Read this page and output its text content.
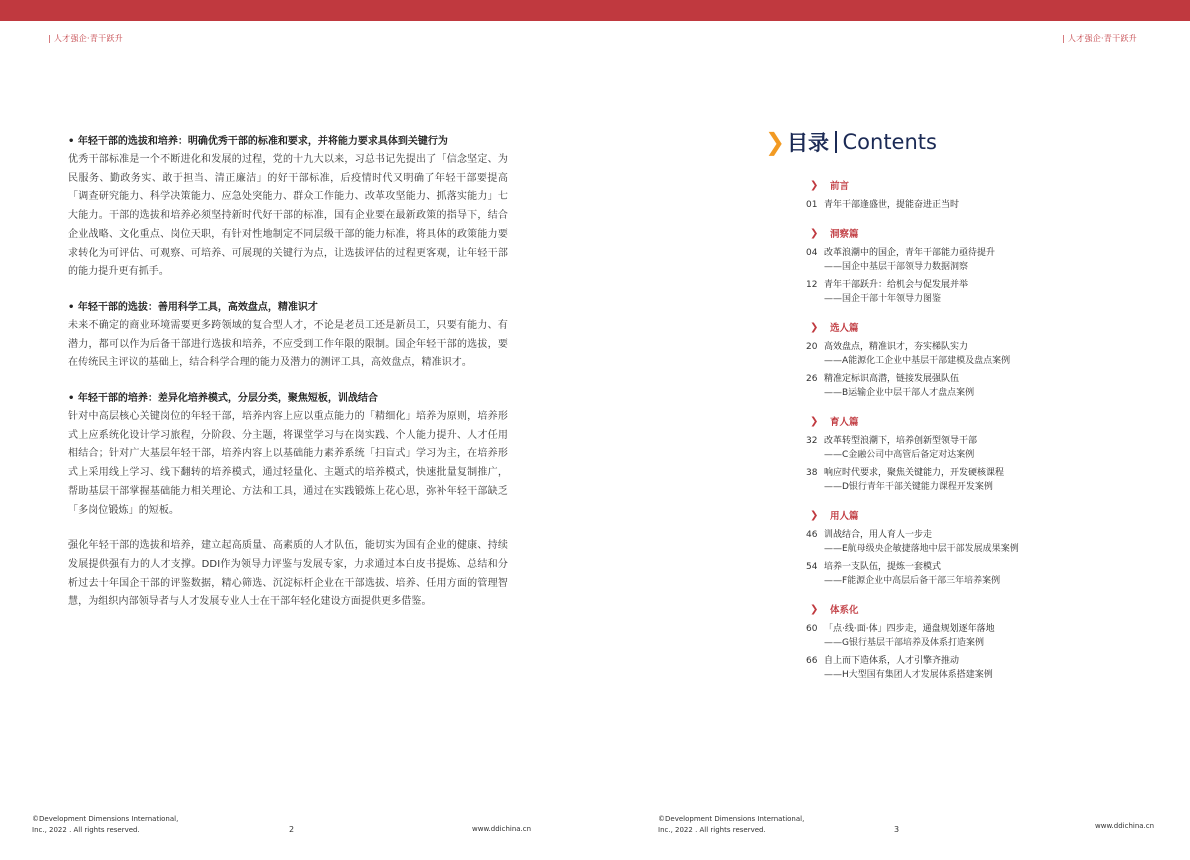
| 人才强企·青干跃升	| 人才强企·青干跃升
• 年轻干部的选拔和培养：明确优秀干部的标准和要求，并将能力要求具体到关键行为
优秀干部标准是一个不断进化和发展的过程，党的十九大以来，习总书记先提出了「信念坚定、为民服务、勤政务实、敢于担当、清正廉洁」的好干部标准，后疫情时代又明确了年轻干部要提高「调查研究能力、科学决策能力、应急处突能力、群众工作能力、改革攻坚能力、抓落实能力」七大能力。干部的选拔和培养必须坚持新时代好干部的标准，国有企业要在最新政策的指导下，结合企业战略、文化重点、岗位天职，有针对性地制定不同层级干部的能力标准，将具体的政策能力要求转化为可评估、可观察、可培养、可展现的关键行为点，让选拔评估的过程更客观，让年轻干部的能力提升更有抓手。
• 年轻干部的选拔：善用科学工具，高效盘点，精准识才
未来不确定的商业环境需要更多跨领域的复合型人才，不论是老员工还是新员工，只要有能力、有潜力，都可以作为后备干部进行选拔和培养，不应受到工作年限的限制。国企年轻干部的选拔，要在传统民主评议的基础上，结合科学合理的能力及潜力的测评工具，高效盘点，精准识才。
• 年轻干部的培养：差异化培养模式，分层分类，聚焦短板，训战结合
针对中高层核心关键岗位的年轻干部，培养内容上应以重点能力的「精细化」培养为原则，培养形式上应系统化设计学习旅程，分阶段、分主题，将课堂学习与在岗实践、个人能力提升、人才任用相结合；针对广大基层年轻干部，培养内容上以基础能力素养系统「扫盲式」学习为主，在培养形式上采用线上学习、线下翻转的培养模式，通过轻量化、主题式的培养模式，快速批量复制推广，帮助基层干部掌握基础能力相关理论、方法和工具，通过在实践锻炼上花心思，弥补年轻干部缺乏「多岗位锻炼」的短板。
强化年轻干部的选拔和培养，建立起高质量、高素质的人才队伍，能切实为国有企业的健康、持续发展提供强有力的人才支撑。DDI作为领导力评鉴与发展专家，力求通过本白皮书提炼、总结和分析过去十年国企干部的评鉴数据，精心筛选、沉淀标杆企业在干部选拔、培养、任用方面的管理智慧，为组织内部领导者与人才发展专业人士在干部年轻化建设方面提供更多借鉴。
❯ 目录 Contents
❯	前言
01 青年干部逢盛世，提能奋进正当时
❯	洞察篇
04 改革浪潮中的国企，青年干部能力亟待提升
——国企中基层干部领导力数据洞察
12 青年干部跃升：给机会与促发展并举
——国企干部十年领导力图鉴
❯	选人篇
20 高效盘点，精准识才，夯实梯队实力
——A能源化工企业中基层干部建模及盘点案例
26 精准定标识高潜，链接发展强队伍
——B运输企业中层干部人才盘点案例
❯	育人篇
32 改革转型浪潮下，培养创新型领导干部
——C金融公司中高管后备定对达案例
38 响应时代要求，聚焦关键能力，开发硬核课程
——D银行青年干部关键能力课程开发案例
❯	用人篇
46 训战结合，用人育人一步走
——E航母级央企敏捷落地中层干部发展成果案例
54 培养一支队伍，提炼一套模式
——F能源企业中高层后备干部三年培养案例
❯	体系化
60 「点·线·面·体」四步走，通盘规划逐年落地
——G银行基层干部培养及体系打造案例
66 自上而下造体系，人才引擎齐推动
——H大型国有集团人才发展体系搭建案例
©Development Dimensions International,
Inc., 2022 . All rights reserved.	2	www.ddichina.cn
©Development Dimensions International,
Inc., 2022 . All rights reserved.	3	www.ddichina.cn
